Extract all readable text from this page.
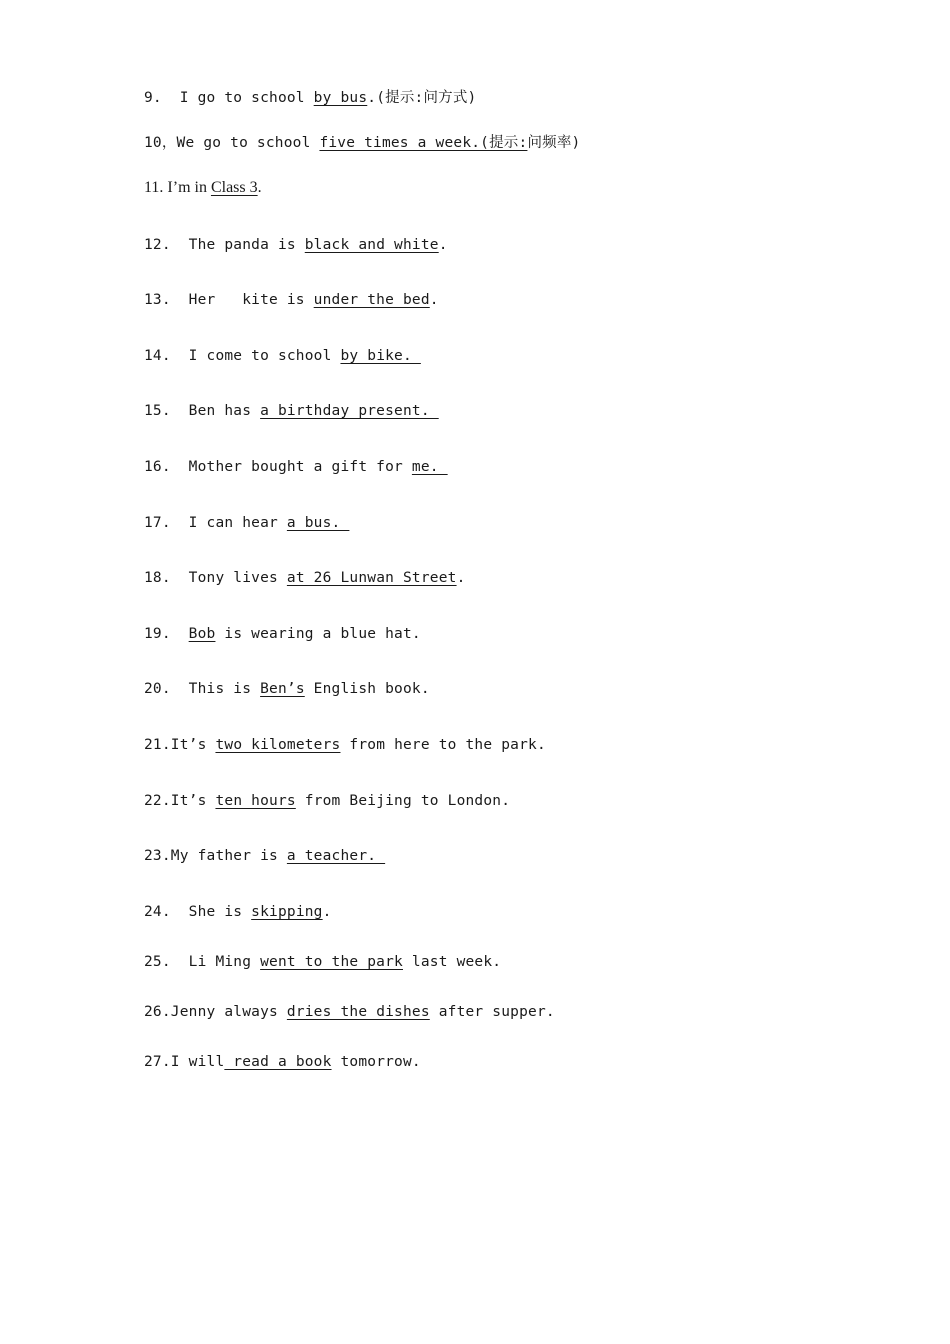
9.  I go to school by bus.(提示:问方式)
10，We go to school five times a week.(提示:问频率)
11. I’m in Class 3.
12.  The panda is black and white.
13.  Her   kite is under the bed.
14.  I come to school by bike.
15.  Ben has a birthday present.
16.  Mother bought a gift for me.
17.  I can hear a bus.
18.  Tony lives at 26 Lunwan Street.
19.  Bob is wearing a blue hat.
20.  This is Ben’s English book.
21.It’s two kilometers from here to the park.
22.It’s ten hours from Beijing to London.
23.My father is a teacher.
24.  She is skipping.
25.  Li Ming went to the park last week.
26.Jenny always dries the dishes after supper.
27.I will read a book tomorrow.
